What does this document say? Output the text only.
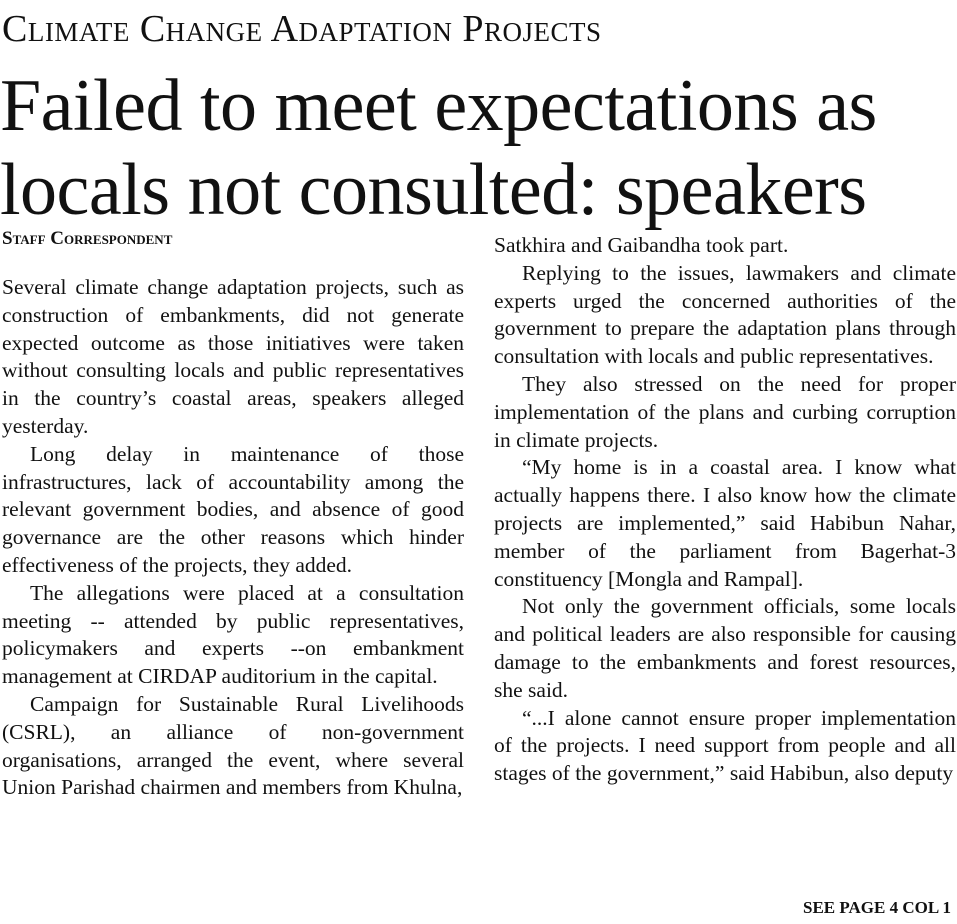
Climate Change Adaptation Projects
Failed to meet expectations as
locals not consulted: speakers
Staff Correspondent

Several climate change adaptation projects, such as construction of embankments, did not generate expected outcome as those initiatives were taken without consulting locals and public representatives in the country’s coastal areas, speakers alleged yesterday.

Long delay in maintenance of those infrastructures, lack of accountability among the relevant government bodies, and absence of good governance are the other reasons which hinder effectiveness of the projects, they added.

The allegations were placed at a consultation meeting -- attended by public representatives, policymakers and experts --on embankment management at CIRDAP auditorium in the capital.

Campaign for Sustainable Rural Livelihoods (CSRL), an alliance of non-government organisations, arranged the event, where several Union Parishad chairmen and members from Khulna,

Satkhira and Gaibandha took part.

Replying to the issues, lawmakers and climate experts urged the concerned authorities of the government to prepare the adaptation plans through consultation with locals and public representatives.

They also stressed on the need for proper implementation of the plans and curbing corruption in climate projects.

“My home is in a coastal area. I know what actually happens there. I also know how the climate projects are implemented,” said Habibun Nahar, member of the parliament from Bagerhat-3 constituency [Mongla and Rampal].

Not only the government officials, some locals and political leaders are also responsible for causing damage to the embankments and forest resources, she said.

“...I alone cannot ensure proper implementation of the projects. I need support from people and all stages of the government,” said Habibun, also deputy

SEE PAGE 4 COL 1
